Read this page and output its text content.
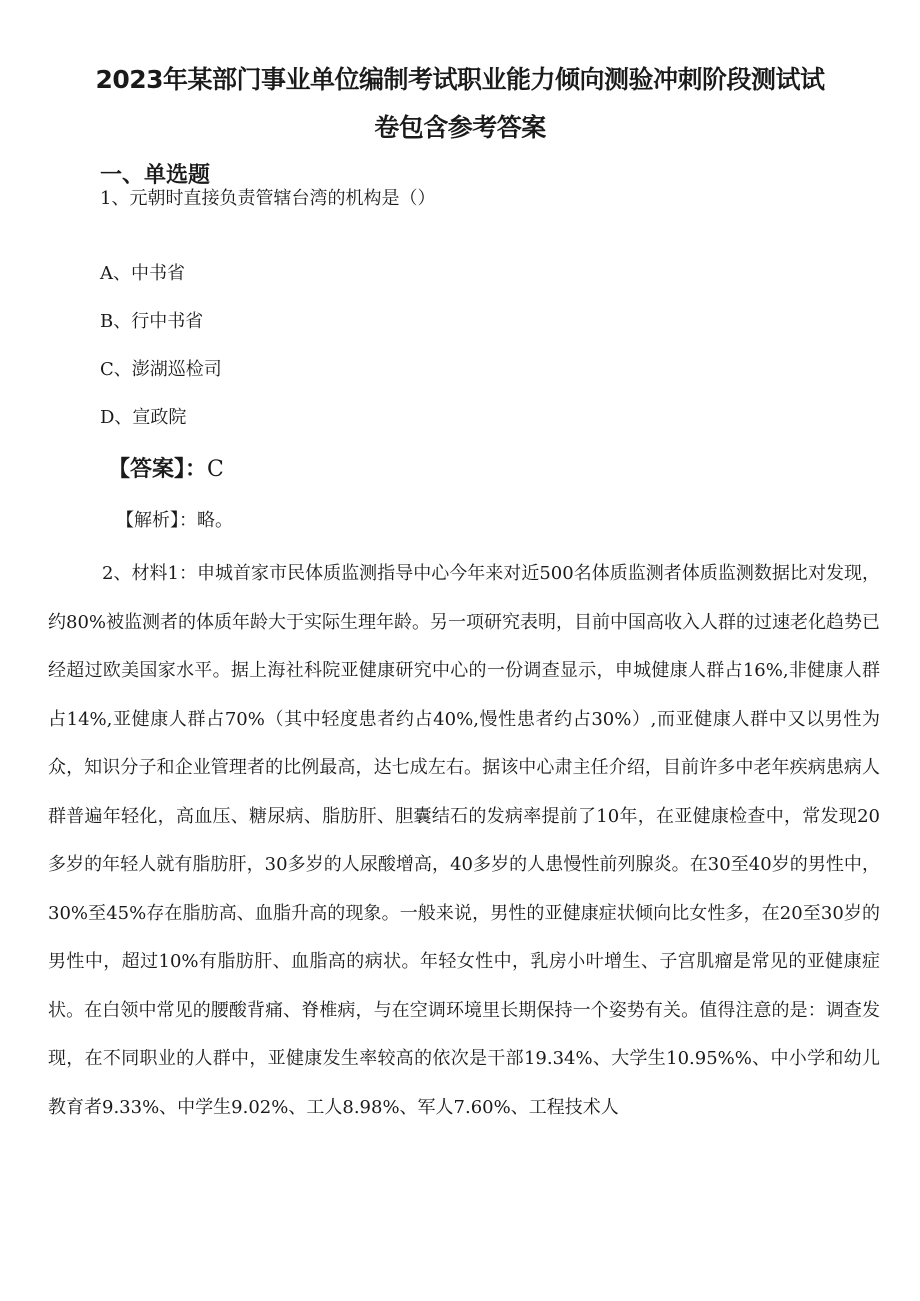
2023年某部门事业单位编制考试职业能力倾向测验冲刺阶段测试试
卷包含参考答案
一、单选题
1、元朝时直接负责管辖台湾的机构是（）
A、中书省
B、行中书省
C、澎湖巡检司
D、宣政院
【答案】：C
【解析】：略。
2、材料1：申城首家市民体质监测指导中心今年来对近500名体质监测者体质监测数据比对发现，约80%被监测者的体质年龄大于实际生理年龄。另一项研究表明，目前中国高收入人群的过速老化趋势已经超过欧美国家水平。据上海社科院亚健康研究中心的一份调查显示，申城健康人群占16%,非健康人群占14%,亚健康人群占70%（其中轻度患者约占40%,慢性患者约占30%）,而亚健康人群中又以男性为众，知识分子和企业管理者的比例最高，达七成左右。据该中心肃主任介绍，目前许多中老年疾病患病人群普遍年轻化，高血压、糖尿病、脂肪肝、胆囊结石的发病率提前了10年，在亚健康检查中，常发现20多岁的年轻人就有脂肪肝，30多岁的人尿酸增高，40多岁的人患慢性前列腺炎。在30至40岁的男性中，30%至45%存在脂肪高、血脂升高的现象。一般来说，男性的亚健康症状倾向比女性多，在20至30岁的男性中，超过10%有脂肪肝、血脂高的病状。年轻女性中，乳房小叶增生、子宫肌瘤是常见的亚健康症状。在白领中常见的腰酸背痛、脊椎病，与在空调环境里长期保持一个姿势有关。值得注意的是：调查发现，在不同职业的人群中，亚健康发生率较高的依次是干部19.34%、大学生10.95%%、中小学和幼儿教育者9.33%、中学生9.02%、工人8.98%、军人7.60%、工程技术人
